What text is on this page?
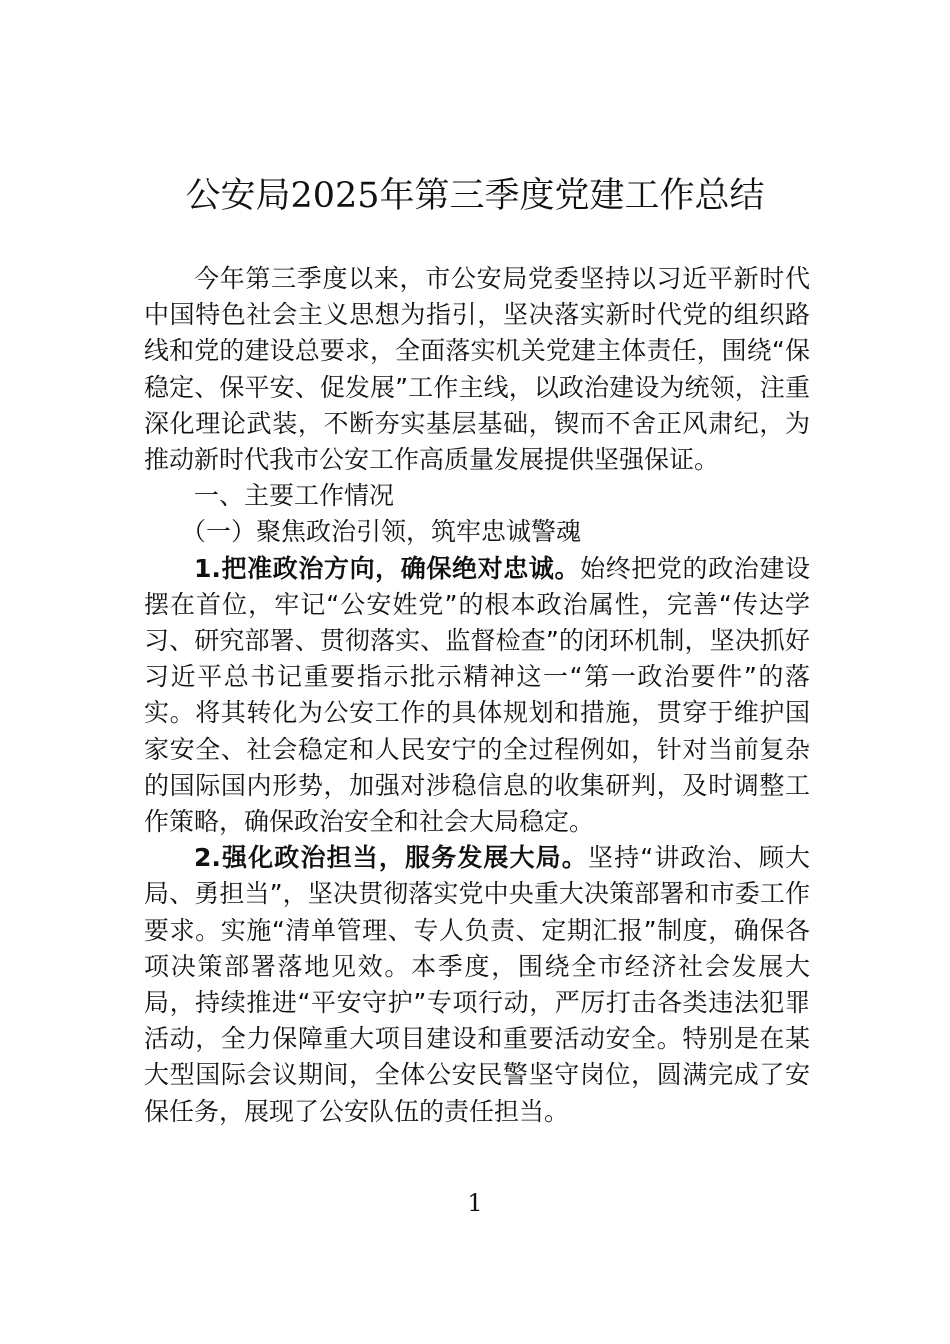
公安局2025年第三季度党建工作总结

今年第三季度以来，市公安局党委坚持以习近平新时代中国特色社会主义思想为指引，坚决落实新时代党的组织路线和党的建设总要求，全面落实机关党建主体责任，围绕“保稳定、保平安、促发展”工作主线，以政治建设为统领，注重深化理论武装，不断夯实基层基础，锲而不舍正风肃纪，为推动新时代我市公安工作高质量发展提供坚强保证。

一、主要工作情况

（一）聚焦政治引领，筑牢忠诚警魂

1.把准政治方向，确保绝对忠诚。始终把党的政治建设摆在首位，牢记“公安姓党”的根本政治属性，完善“传达学习、研究部署、贯彻落实、监督检查”的闭环机制，坚决抓好习近平总书记重要指示批示精神这一“第一政治要件”的落实。将其转化为公安工作的具体规划和措施，贯穿于维护国家安全、社会稳定和人民安宁的全过程例如，针对当前复杂的国际国内形势，加强对涉稳信息的收集研判，及时调整工作策略，确保政治安全和社会大局稳定。

2.强化政治担当，服务发展大局。坚持“讲政治、顾大局、勇担当”，坚决贯彻落实党中央重大决策部署和市委工作要求。实施“清单管理、专人负责、定期汇报”制度，确保各项决策部署落地见效。本季度，围绕全市经济社会发展大局，持续推进“平安守护”专项行动，严厉打击各类违法犯罪活动，全力保障重大项目建设和重要活动安全。特别是在某大型国际会议期间，全体公安民警坚守岗位，圆满完成了安保任务，展现了公安队伍的责任担当。

1
